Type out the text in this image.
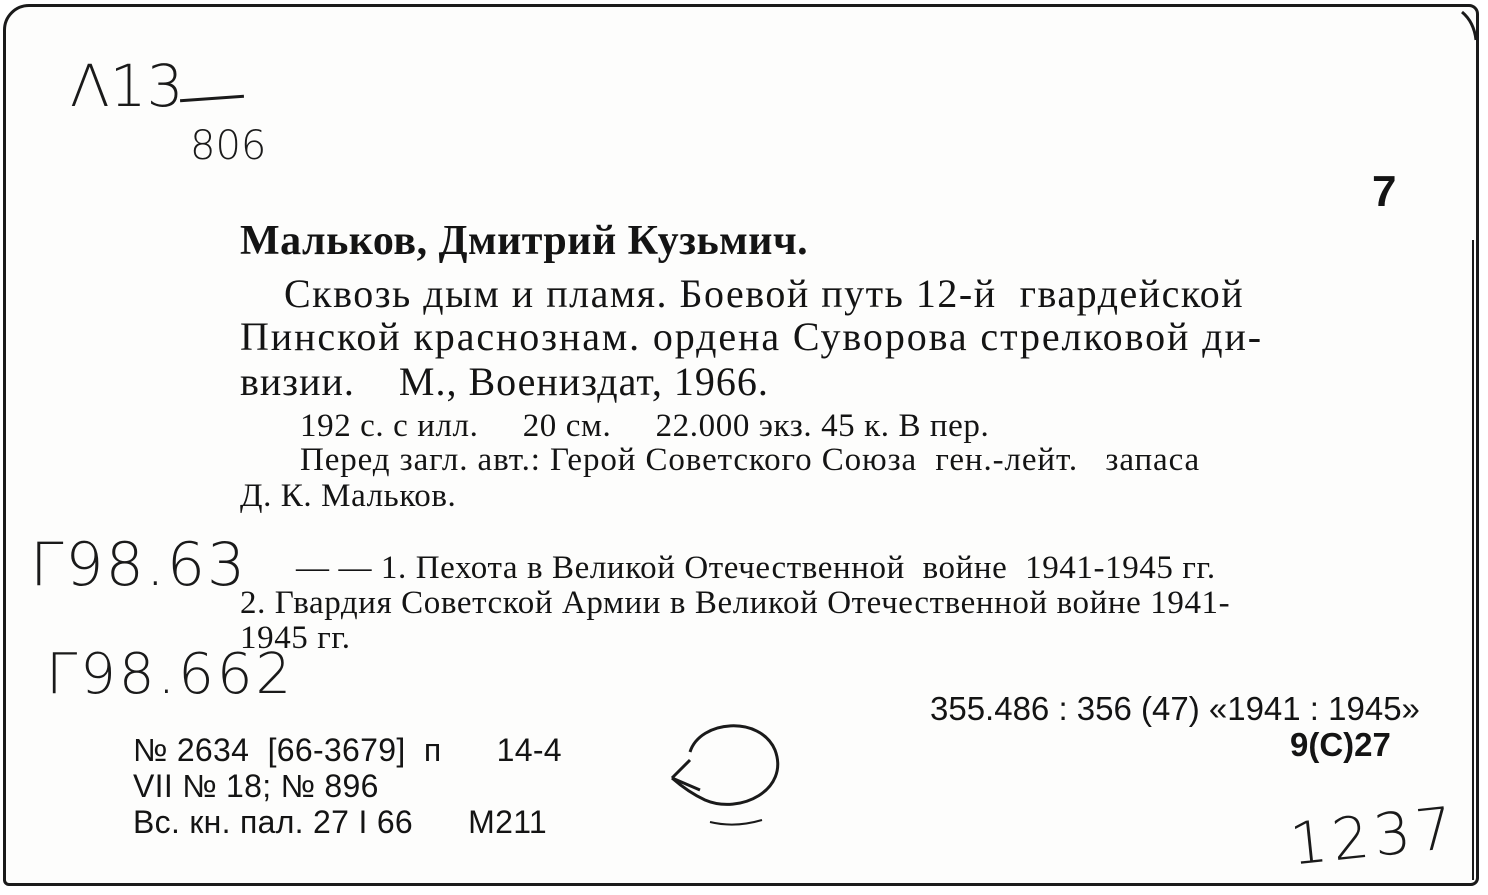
Λ13
806
7
Мальков, Дмитрий Кузьмич.
Сквозь дым и пламя. Боевой путь 12-й  гвардейской
Пинской краснознам. ордена Суворова стрелковой ди-
визии.    М., Воениздат, 1966.
192 с. с илл.     20 см.     22.000 экз. 45 к. В пер.
Перед загл. авт.: Герой Советского Союза  ген.-лейт.   запаса
Д. К. Мальков.
Г98.63 — — 1. Пехота в Великой Отечественной  войне  1941-1945 гг.
2. Гвардия Советской Армии в Великой Отечественной войне 1941-
1945 гг.
Г98.662
355.486 : 356 (47) «1941 : 1945»
9(С)27
№ 2634  [66-3679]  п      14-4
VII № 18; № 896
Вс. кн. пал. 27 I 66      М211	1237
